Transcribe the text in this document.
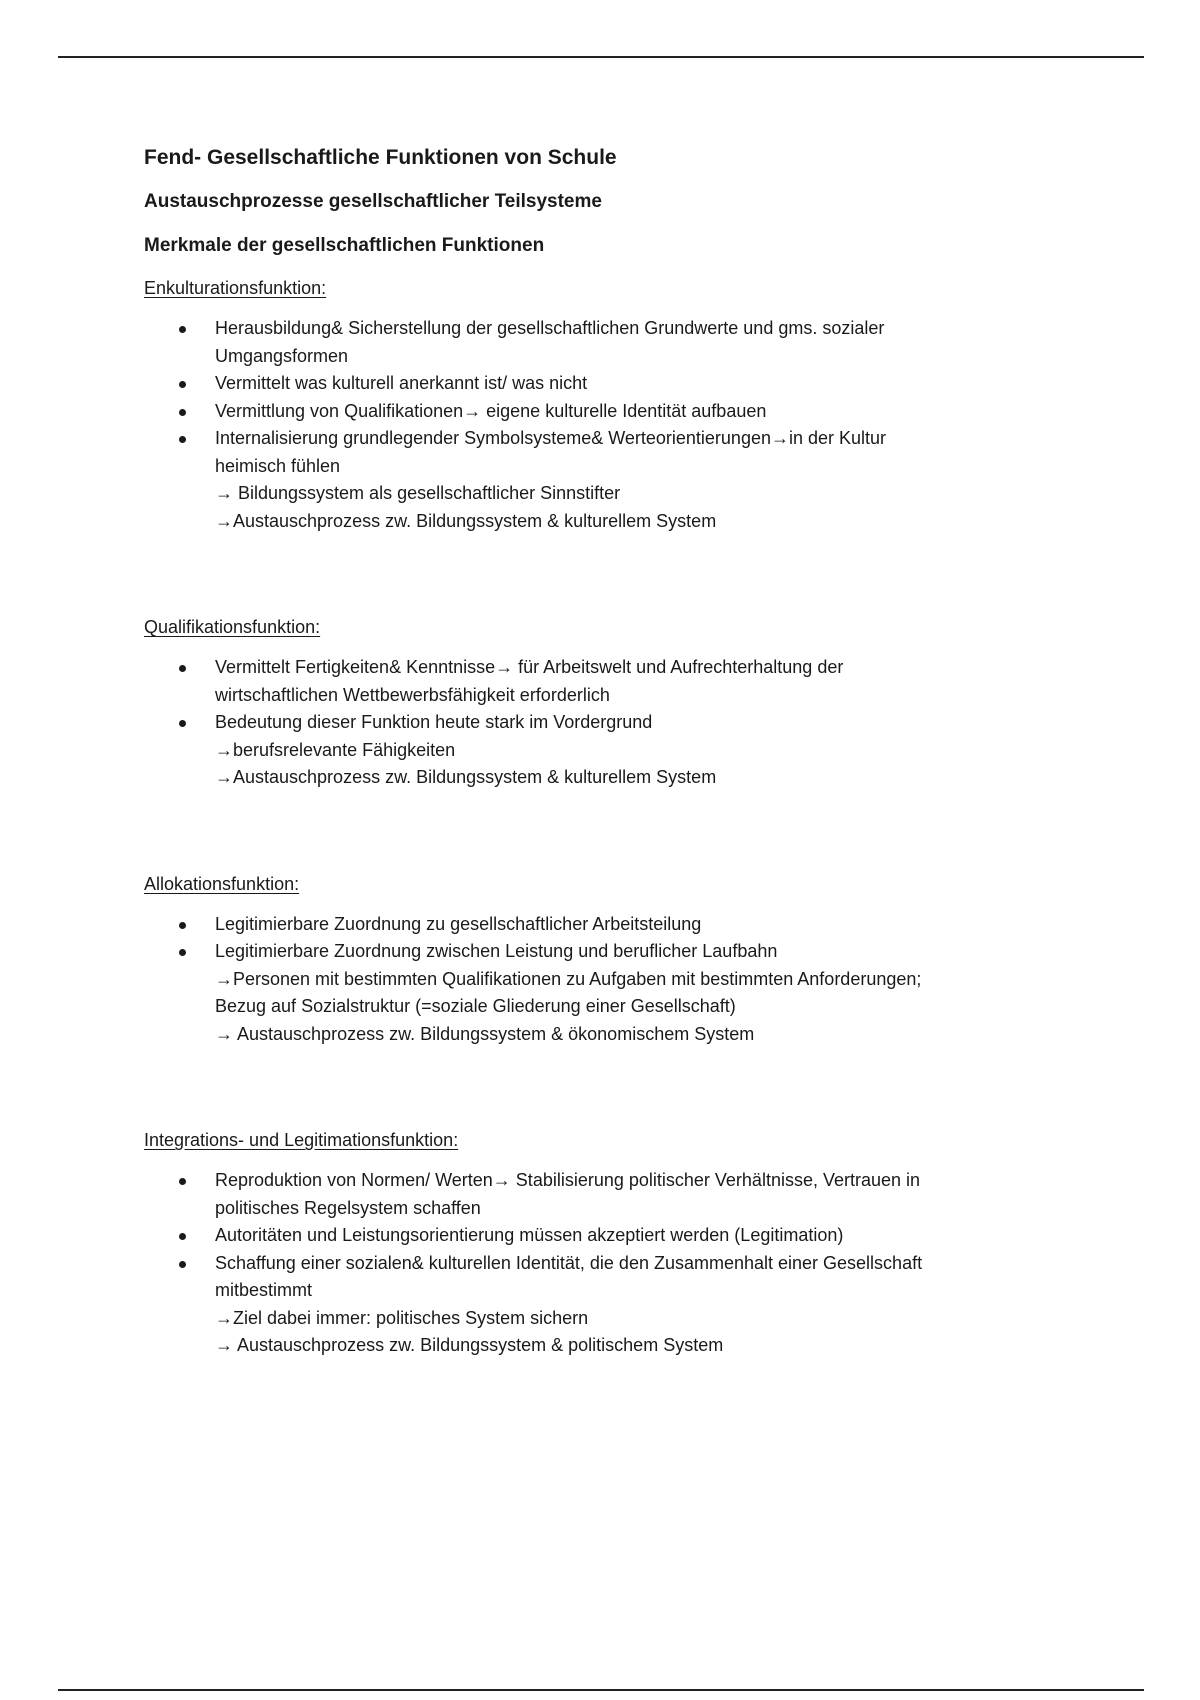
Fend- Gesellschaftliche Funktionen von Schule
Austauschprozesse gesellschaftlicher Teilsysteme
Merkmale der gesellschaftlichen Funktionen
Enkulturationsfunktion:
Herausbildung& Sicherstellung der gesellschaftlichen Grundwerte und gms. sozialer
Umgangsformen
Vermittelt was kulturell anerkannt ist/ was nicht
Vermittlung von Qualifikationen→ eigene kulturelle Identität aufbauen
Internalisierung grundlegender Symbolsysteme& Werteorientierungen→in der Kultur
heimisch fühlen
→ Bildungssystem als gesellschaftlicher Sinnstifter
→Austauschprozess zw. Bildungssystem & kulturellem System
Qualifikationsfunktion:
Vermittelt Fertigkeiten& Kenntnisse→ für Arbeitswelt und Aufrechterhaltung der
wirtschaftlichen Wettbewerbsfähigkeit erforderlich
Bedeutung dieser Funktion heute stark im Vordergrund
→berufsrelevante Fähigkeiten
→Austauschprozess zw. Bildungssystem & kulturellem System
Allokationsfunktion:
Legitimierbare Zuordnung zu gesellschaftlicher Arbeitsteilung
Legitimierbare Zuordnung zwischen Leistung und beruflicher Laufbahn
→Personen mit bestimmten Qualifikationen zu Aufgaben mit bestimmten Anforderungen;
Bezug auf Sozialstruktur (=soziale Gliederung einer Gesellschaft)
→ Austauschprozess zw. Bildungssystem & ökonomischem System
Integrations- und Legitimationsfunktion:
Reproduktion von Normen/ Werten→ Stabilisierung politischer Verhältnisse, Vertrauen in
politisches Regelsystem schaffen
Autoritäten und Leistungsorientierung müssen akzeptiert werden (Legitimation)
Schaffung einer sozialen& kulturellen Identität, die den Zusammenhalt einer Gesellschaft
mitbestimmt
→Ziel dabei immer: politisches System sichern
→ Austauschprozess zw. Bildungssystem & politischem System
